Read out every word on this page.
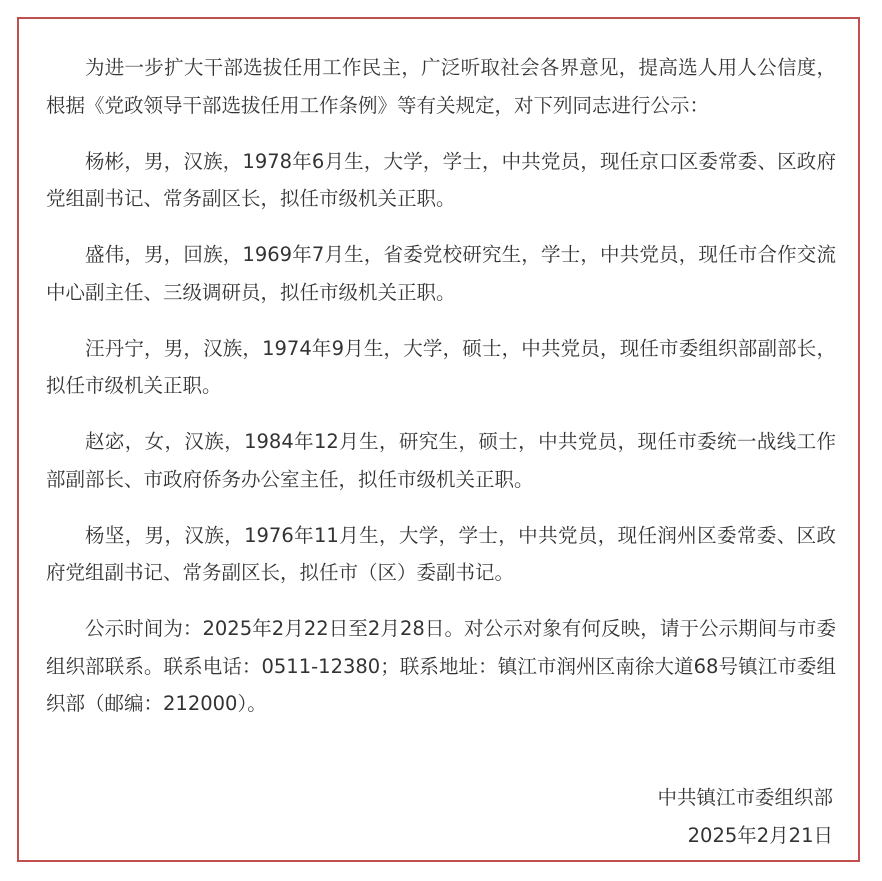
为进一步扩大干部选拔任用工作民主，广泛听取社会各界意见，提高选人用人公信度，根据《党政领导干部选拔任用工作条例》等有关规定，对下列同志进行公示：

杨彬，男，汉族，1978年6月生，大学，学士，中共党员，现任京口区委常委、区政府党组副书记、常务副区长，拟任市级机关正职。

盛伟，男，回族，1969年7月生，省委党校研究生，学士，中共党员，现任市合作交流中心副主任、三级调研员，拟任市级机关正职。

汪丹宁，男，汉族，1974年9月生，大学，硕士，中共党员，现任市委组织部副部长，拟任市级机关正职。

赵宓，女，汉族，1984年12月生，研究生，硕士，中共党员，现任市委统一战线工作部副部长、市政府侨务办公室主任，拟任市级机关正职。

杨坚，男，汉族，1976年11月生，大学，学士，中共党员，现任润州区委常委、区政府党组副书记、常务副区长，拟任市（区）委副书记。

公示时间为：2025年2月22日至2月28日。对公示对象有何反映，请于公示期间与市委组织部联系。联系电话：0511-12380；联系地址：镇江市润州区南徐大道68号镇江市委组织部（邮编：212000）。

中共镇江市委组织部
2025年2月21日
